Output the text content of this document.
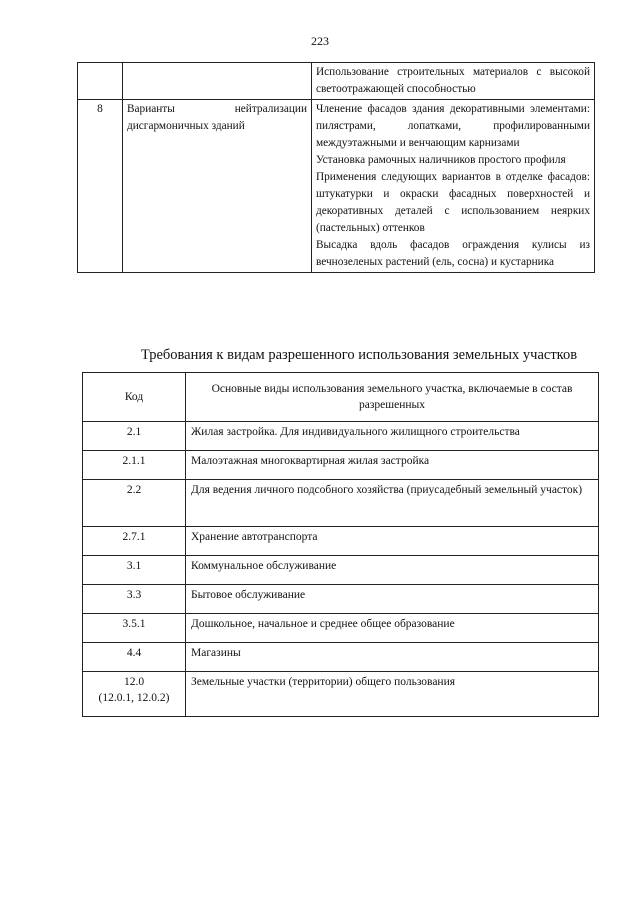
223

		Использование строительных материалов с высокой светоотражающей способностью

8	Варианты нейтрализации дисгармоничных зданий	Членение фасадов здания декоративными элементами: пилястрами, лопатками, профилированными междуэтажными и венчающим карнизами
Установка рамочных наличников простого профиля
Применения следующих вариантов в отделке фасадов: штукатурки и окраски фасадных поверхностей и декоративных деталей с использованием неярких (пастельных) оттенков
Высадка вдоль фасадов ограждения кулисы из вечнозеленых растений (ель, сосна) и кустарника
Требования к видам разрешенного использования земельных участков
Код	Основные виды использования земельного участка, включаемые в состав разрешенных
2.1	Жилая застройка. Для индивидуального жилищного строительства
2.1.1	Малоэтажная многоквартирная жилая застройка
2.2	Для ведения личного подсобного хозяйства (приусадебный земельный участок)

2.7.1	Хранение автотранспорта
3.1	Коммунальное обслуживание
3.3	Бытовое обслуживание
3.5.1	Дошкольное, начальное и среднее общее образование
4.4	Магазины

12.0
(12.0.1, 12.0.2)	Земельные участки (территории) общего пользования
